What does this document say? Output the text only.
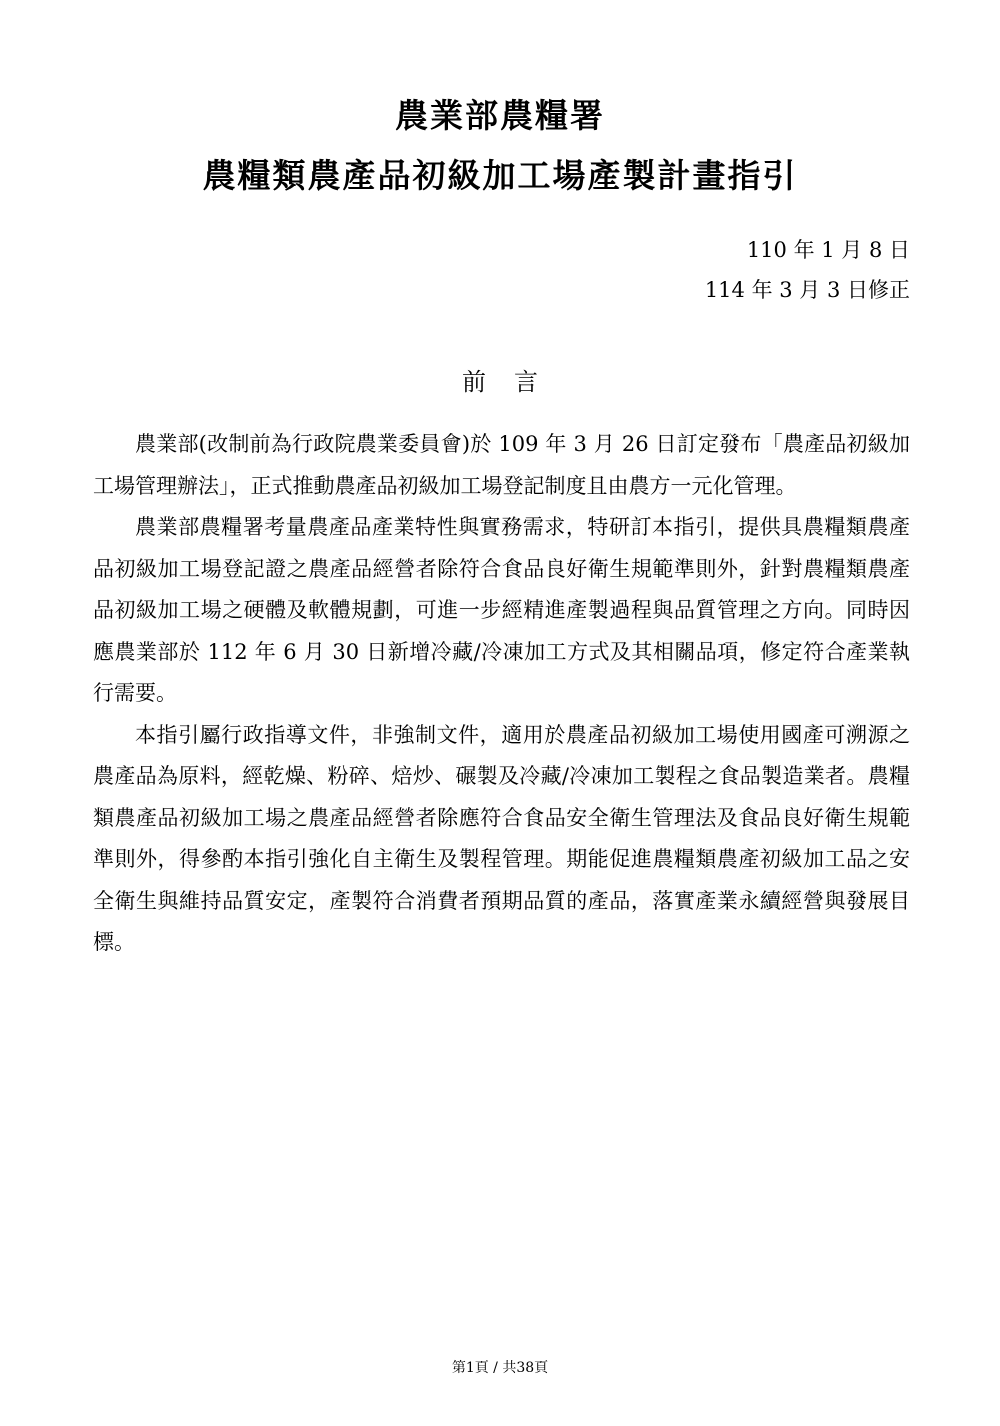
農業部農糧署
農糧類農產品初級加工場產製計畫指引
110 年 1 月 8 日
114 年 3 月 3 日修正
前言

農業部(改制前為行政院農業委員會)於 109 年 3 月 26 日訂定發布「農產品初級加工場管理辦法」，正式推動農產品初級加工場登記制度且由農方一元化管理。

農業部農糧署考量農產品產業特性與實務需求，特研訂本指引，提供具農糧類農產品初級加工場登記證之農產品經營者除符合食品良好衛生規範準則外，針對農糧類農產品初級加工場之硬體及軟體規劃，可進一步經精進產製過程與品質管理之方向。同時因應農業部於 112 年 6 月 30 日新增冷藏/冷凍加工方式及其相關品項，修定符合產業執行需要。

本指引屬行政指導文件，非強制文件，適用於農產品初級加工場使用國產可溯源之農產品為原料，經乾燥、粉碎、焙炒、碾製及冷藏/冷凍加工製程之食品製造業者。農糧類農產品初級加工場之農產品經營者除應符合食品安全衛生管理法及食品良好衛生規範準則外，得參酌本指引強化自主衛生及製程管理。期能促進農糧類農產初級加工品之安全衛生與維持品質安定，產製符合消費者預期品質的產品，落實產業永續經營與發展目標。

第1頁 / 共38頁
